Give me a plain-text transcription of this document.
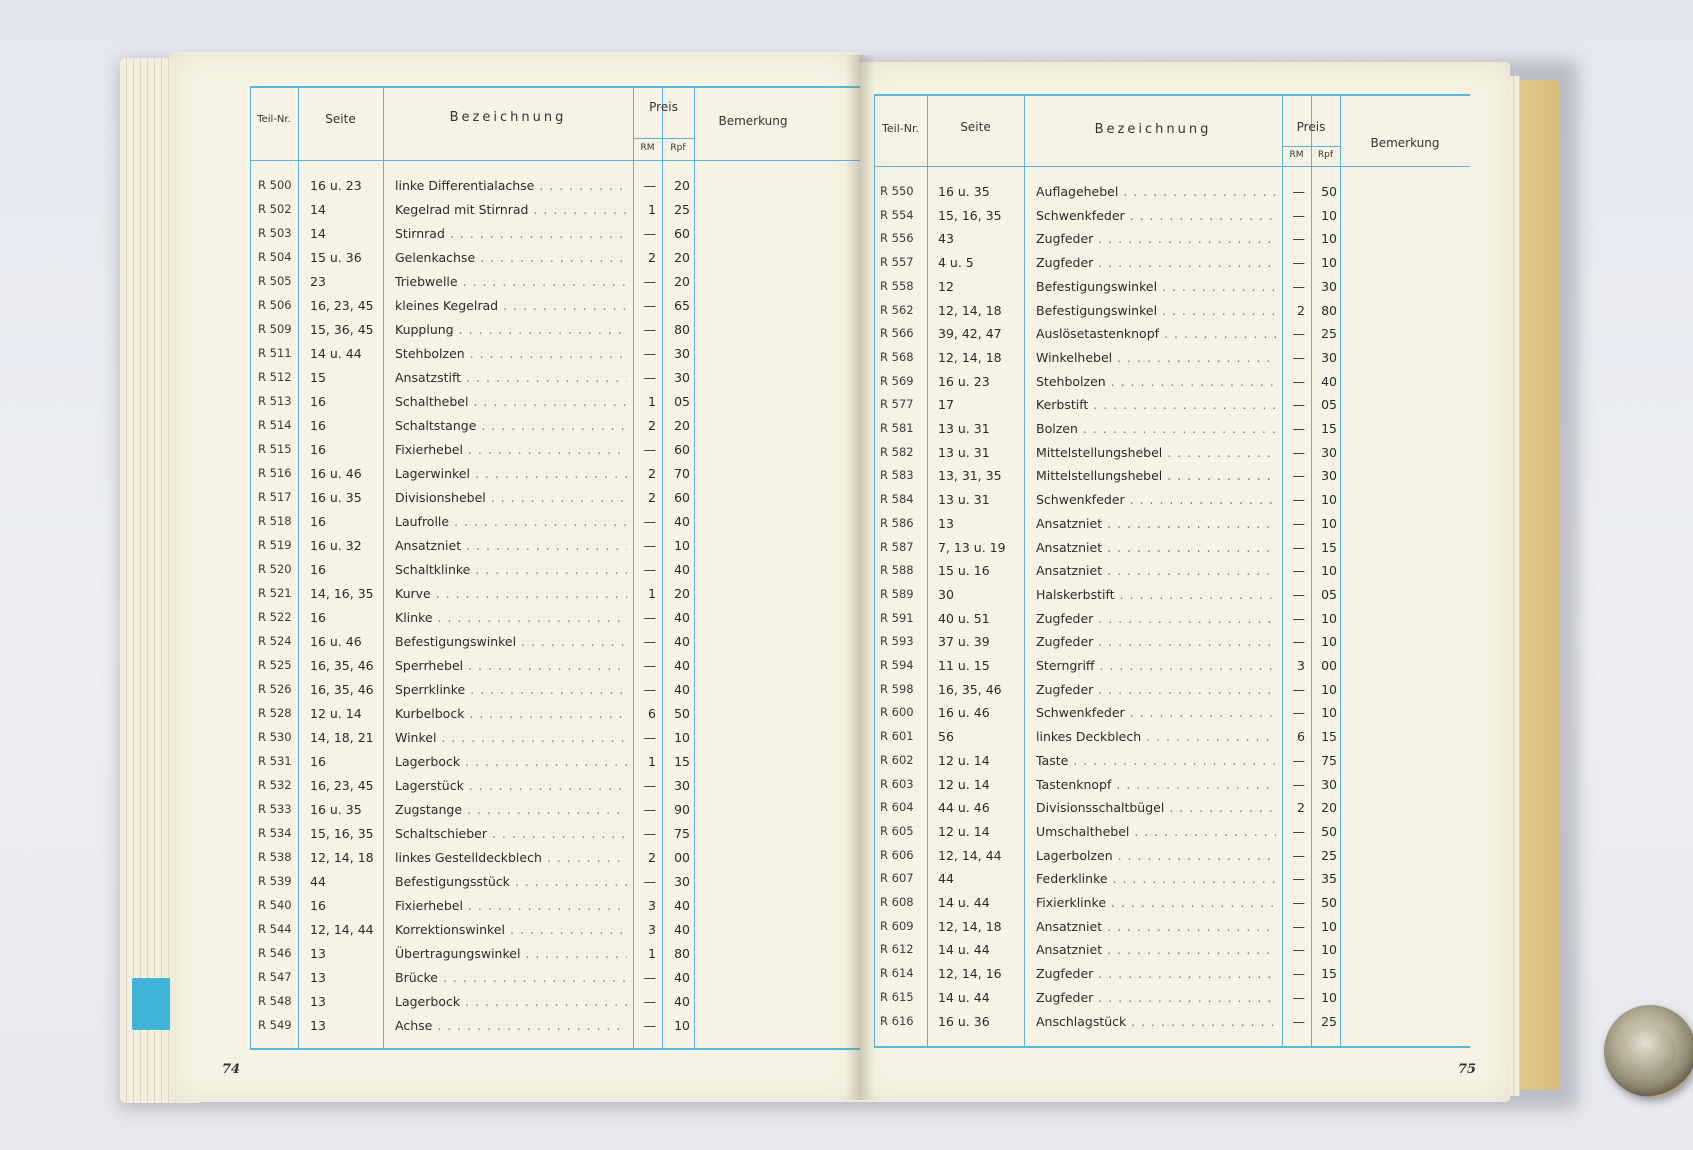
Teil-Nr.	Seite	Bezeichnung
Preis
RM	Rpf
Bemerkung
R 500	16 u. 23	linke Differentialachse . . .	—	20
R 502	14	Kegelrad mit Stirnrad . . .	1	25
R 503	14	Stirnrad . . .	—	60
R 504	15 u. 36	Gelenkachse . . .	2	20
R 505	23	Triebwelle . . .	—	20
R 506	16, 23, 45	kleines Kegelrad . . .	—	65
R 509	15, 36, 45	Kupplung . . .	—	80
R 511	14 u. 44	Stehbolzen . . .	—	30
R 512	15	Ansatzstift . . .	—	30
R 513	16	Schalthebel . . .	1	05
R 514	16	Schaltstange . . .	2	20
R 515	16	Fixierhebel . . .	—	60
R 516	16 u. 46	Lagerwinkel . . .	2	70
R 517	16 u. 35	Divisionshebel . . .	2	60
R 518	16	Laufrolle . . .	—	40
R 519	16 u. 32	Ansatzniet . . .	—	10
R 520	16	Schaltklinke . . .	—	40
R 521	14, 16, 35	Kurve . . .	1	20
R 522	16	Klinke . . .	—	40
R 524	16 u. 46	Befestigungswinkel . . .	—	40
R 525	16, 35, 46	Sperrhebel . . .	—	40
R 526	16, 35, 46	Sperrklinke . . .	—	40
R 528	12 u. 14	Kurbelbock . . .	6	50
R 530	14, 18, 21	Winkel . . .	—	10
R 531	16	Lagerbock . . .	1	15
R 532	16, 23, 45	Lagerstück . . .	—	30
R 533	16 u. 35	Zugstange . . .	—	90
R 534	15, 16, 35	Schaltschieber . . .	—	75
R 538	12, 14, 18	linkes Gestelldeckblech . . .	2	00
R 539	44	Befestigungsstück . . .	—	30
R 540	16	Fixierhebel . . .	3	40
R 544	12, 14, 44	Korrektionswinkel . . .	3	40
R 546	13	Übertragungswinkel . . .	1	80
R 547	13	Brücke . . .	—	40
R 548	13	Lagerbock . . .	—	40
R 549	13	Achse . . .	—	10
74
Teil-Nr.	Seite	Bezeichnung	Preis
RM	Rpf
Bemerkung
R 550	16 u. 35	Auflagehebel . . .	—	50
R 554	15, 16, 35	Schwenkfeder . . .	—	10
R 556	43	Zugfeder . . .	—	10
R 557	4 u. 5	Zugfeder . . .	—	10
R 558	12	Befestigungswinkel . . .	—	30
R 562	12, 14, 18	Befestigungswinkel . . .	2	80
R 566	39, 42, 47	Auslösetastenknopf . . .	—	25
R 568	12, 14, 18	Winkelhebel . . .	—	30
R 569	16 u. 23	Stehbolzen . . .	—	40
R 577	17	Kerbstift . . .	—	05
R 581	13 u. 31	Bolzen . . .	—	15
R 582	13 u. 31	Mittelstellungshebel . . .	—	30
R 583	13, 31, 35	Mittelstellungshebel . . .	—	30
R 584	13 u. 31	Schwenkfeder . . .	—	10
R 586	13	Ansatzniet . . .	—	10
R 587	7, 13 u. 19	Ansatzniet . . .	—	15
R 588	15 u. 16	Ansatzniet . . .	—	10
R 589	30	Halskerbstift . . .	—	05
R 591	40 u. 51	Zugfeder . . .	—	10
R 593	37 u. 39	Zugfeder . . .	—	10
R 594	11 u. 15	Sterngriff . . .	3	00
R 598	16, 35, 46	Zugfeder . . .	—	10
R 600	16 u. 46	Schwenkfeder . . .	—	10
R 601	56	linkes Deckblech . . .	6	15
R 602	12 u. 14	Taste . . .	—	75
R 603	12 u. 14	Tastenknopf . . .	—	30
R 604	44 u. 46	Divisionsschaltbügel . . .	2	20
R 605	12 u. 14	Umschalthebel . . .	—	50
R 606	12, 14, 44	Lagerbolzen . . .	—	25
R 607	44	Federklinke . . .	—	35
R 608	14 u. 44	Fixierklinke . . .	—	50
R 609	12, 14, 18	Ansatzniet . . .	—	10
R 612	14 u. 44	Ansatzniet . . .	—	10
R 614	12, 14, 16	Zugfeder . . .	—	15
R 615	14 u. 44	Zugfeder . . .	—	10
R 616	16 u. 36	Anschlagstück . . .	—	25
75
